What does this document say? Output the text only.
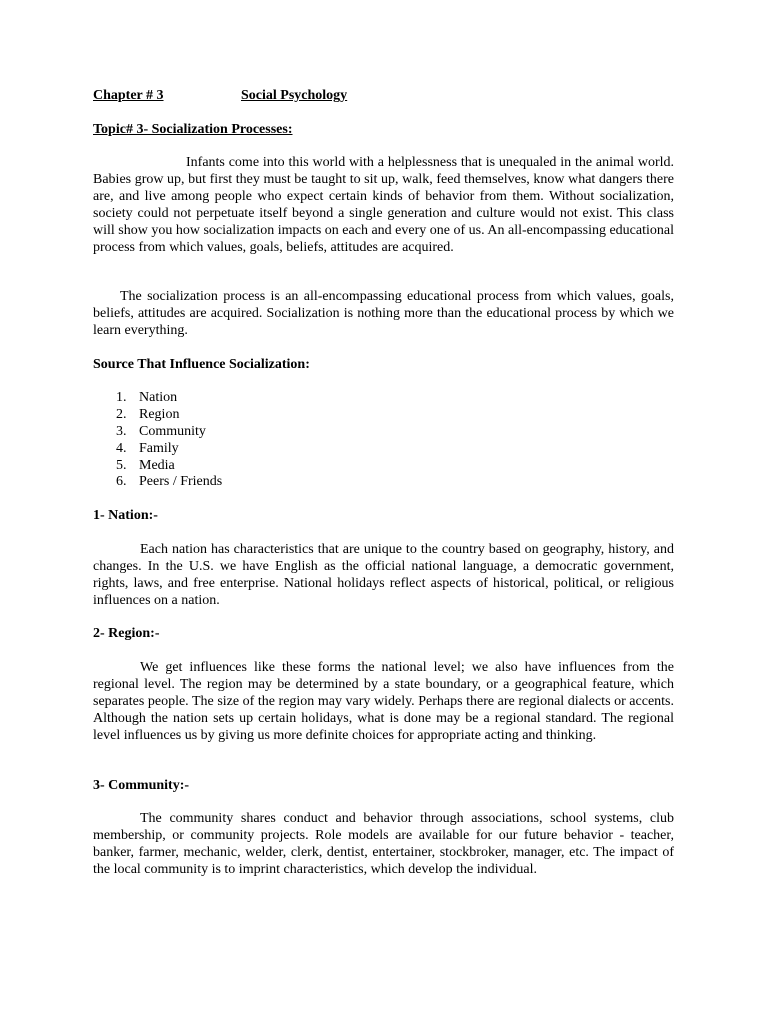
Chapter # 3	Social Psychology

Topic# 3- Socialization Processes:

Infants come into this world with a helplessness that is unequaled in the animal world. Babies grow up, but first they must be taught to sit up, walk, feed themselves, know what dangers there are, and live among people who expect certain kinds of behavior from them. Without socialization, society could not perpetuate itself beyond a single generation and culture would not exist. This class will show you how socialization impacts on each and every one of us. An all-encompassing educational process from which values, goals, beliefs, attitudes are acquired.

The socialization process is an all-encompassing educational process from which values, goals, beliefs, attitudes are acquired. Socialization is nothing more than the educational process by which we learn everything.

Source That Influence Socialization:

1. Nation
2. Region
3. Community
4. Family
5. Media
6. Peers / Friends

1- Nation:-

Each nation has characteristics that are unique to the country based on geography, history, and changes. In the U.S. we have English as the official national language, a democratic government, rights, laws, and free enterprise. National holidays reflect aspects of historical, political, or religious influences on a nation.

2- Region:-

We get influences like these forms the national level; we also have influences from the regional level. The region may be determined by a state boundary, or a geographical feature, which separates people. The size of the region may vary widely. Perhaps there are regional dialects or accents. Although the nation sets up certain holidays, what is done may be a regional standard. The regional level influences us by giving us more definite choices for appropriate acting and thinking.

3- Community:-

The community shares conduct and behavior through associations, school systems, club membership, or community projects. Role models are available for our future behavior - teacher, banker, farmer, mechanic, welder, clerk, dentist, entertainer, stockbroker, manager, etc. The impact of the local community is to imprint characteristics, which develop the individual.
